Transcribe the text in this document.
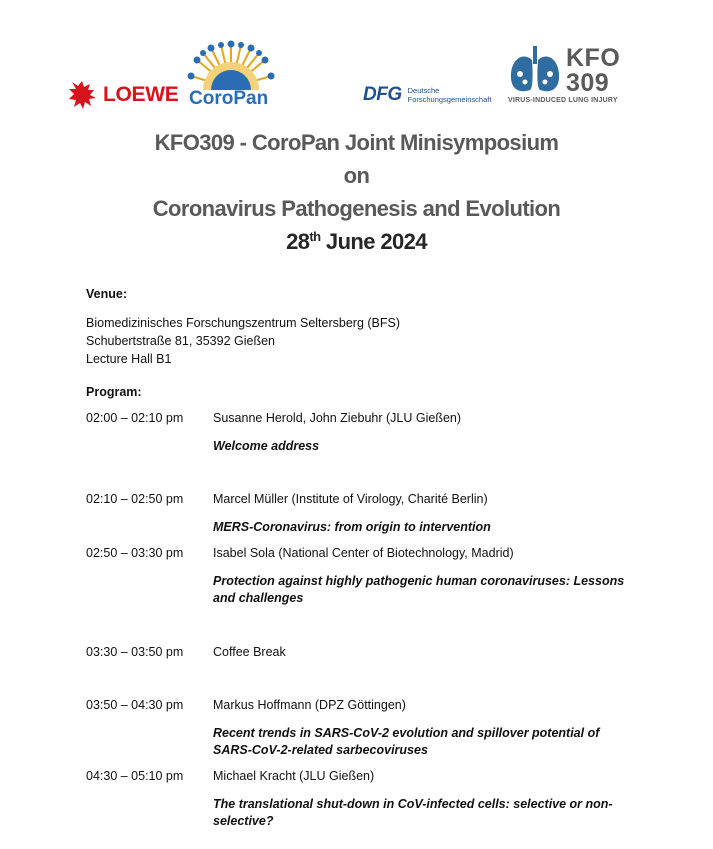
LOEWE CoroPan	DFG Deutsche
Forschungsgemeinschaft
KFO
309
VIRUS-INDUCED LUNG INJURY
KFO309 - CoroPan Joint Minisymposium
on
Coronavirus Pathogenesis and Evolution
28th June 2024
Venue:
Biomedizinisches Forschungszentrum Seltersberg (BFS)
Schubertstraße 81, 35392 Gießen
Lecture Hall B1
Program:
02:00 – 02:10 pm Susanne Herold, John Ziebuhr (JLU Gießen)
Welcome address
02:10 – 02:50 pm Marcel Müller (Institute of Virology, Charité Berlin)
MERS-Coronavirus: from origin to intervention
02:50 – 03:30 pm Isabel Sola (National Center of Biotechnology, Madrid)
Protection against highly pathogenic human coronaviruses: Lessons and challenges
03:30 – 03:50 pm Coffee Break
03:50 – 04:30 pm Markus Hoffmann (DPZ Göttingen)
Recent trends in SARS-CoV-2 evolution and spillover potential of SARS-CoV-2-related sarbecoviruses
04:30 – 05:10 pm Michael Kracht (JLU Gießen)
The translational shut-down in CoV-infected cells: selective or non-selective?
